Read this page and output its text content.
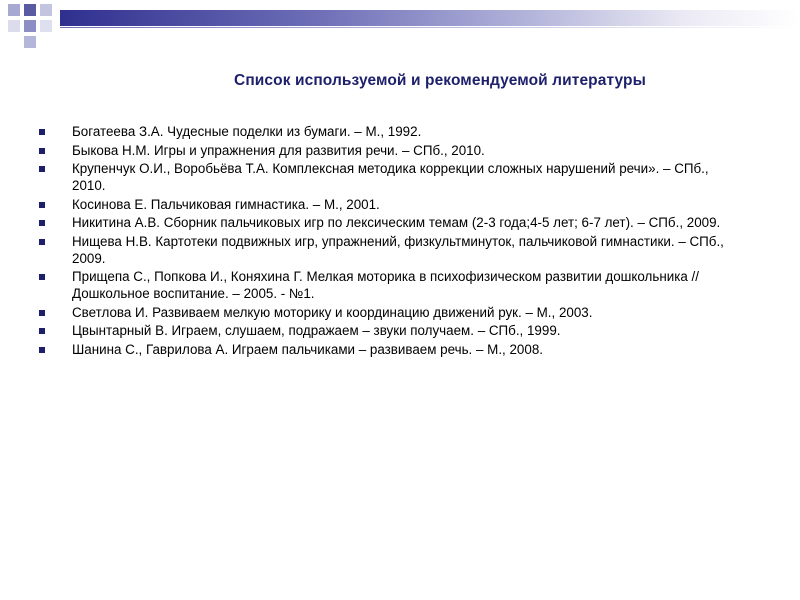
Список используемой и рекомендуемой литературы
Богатеева З.А. Чудесные поделки из бумаги. – М., 1992.
Быкова Н.М. Игры и упражнения для развития речи. – СПб., 2010.
Крупенчук О.И., Воробьёва Т.А. Комплексная методика коррекции сложных нарушений речи». – СПб., 2010.
Косинова Е. Пальчиковая гимнастика. – М., 2001.
Никитина А.В. Сборник пальчиковых игр по лексическим темам (2-3 года;4-5 лет; 6-7 лет). – СПб., 2009.
Нищева Н.В. Картотеки подвижных игр, упражнений, физкультминуток, пальчиковой гимнастики. – СПб., 2009.
Прищепа С., Попкова И., Коняхина Г. Мелкая моторика в психофизическом развитии дошкольника // Дошкольное воспитание. – 2005. - №1.
Светлова И. Развиваем мелкую моторику и координацию движений рук. – М., 2003.
Цвынтарный В. Играем, слушаем, подражаем – звуки получаем. – СПб., 1999.
Шанина С., Гаврилова А. Играем пальчиками – развиваем речь. – М., 2008.
